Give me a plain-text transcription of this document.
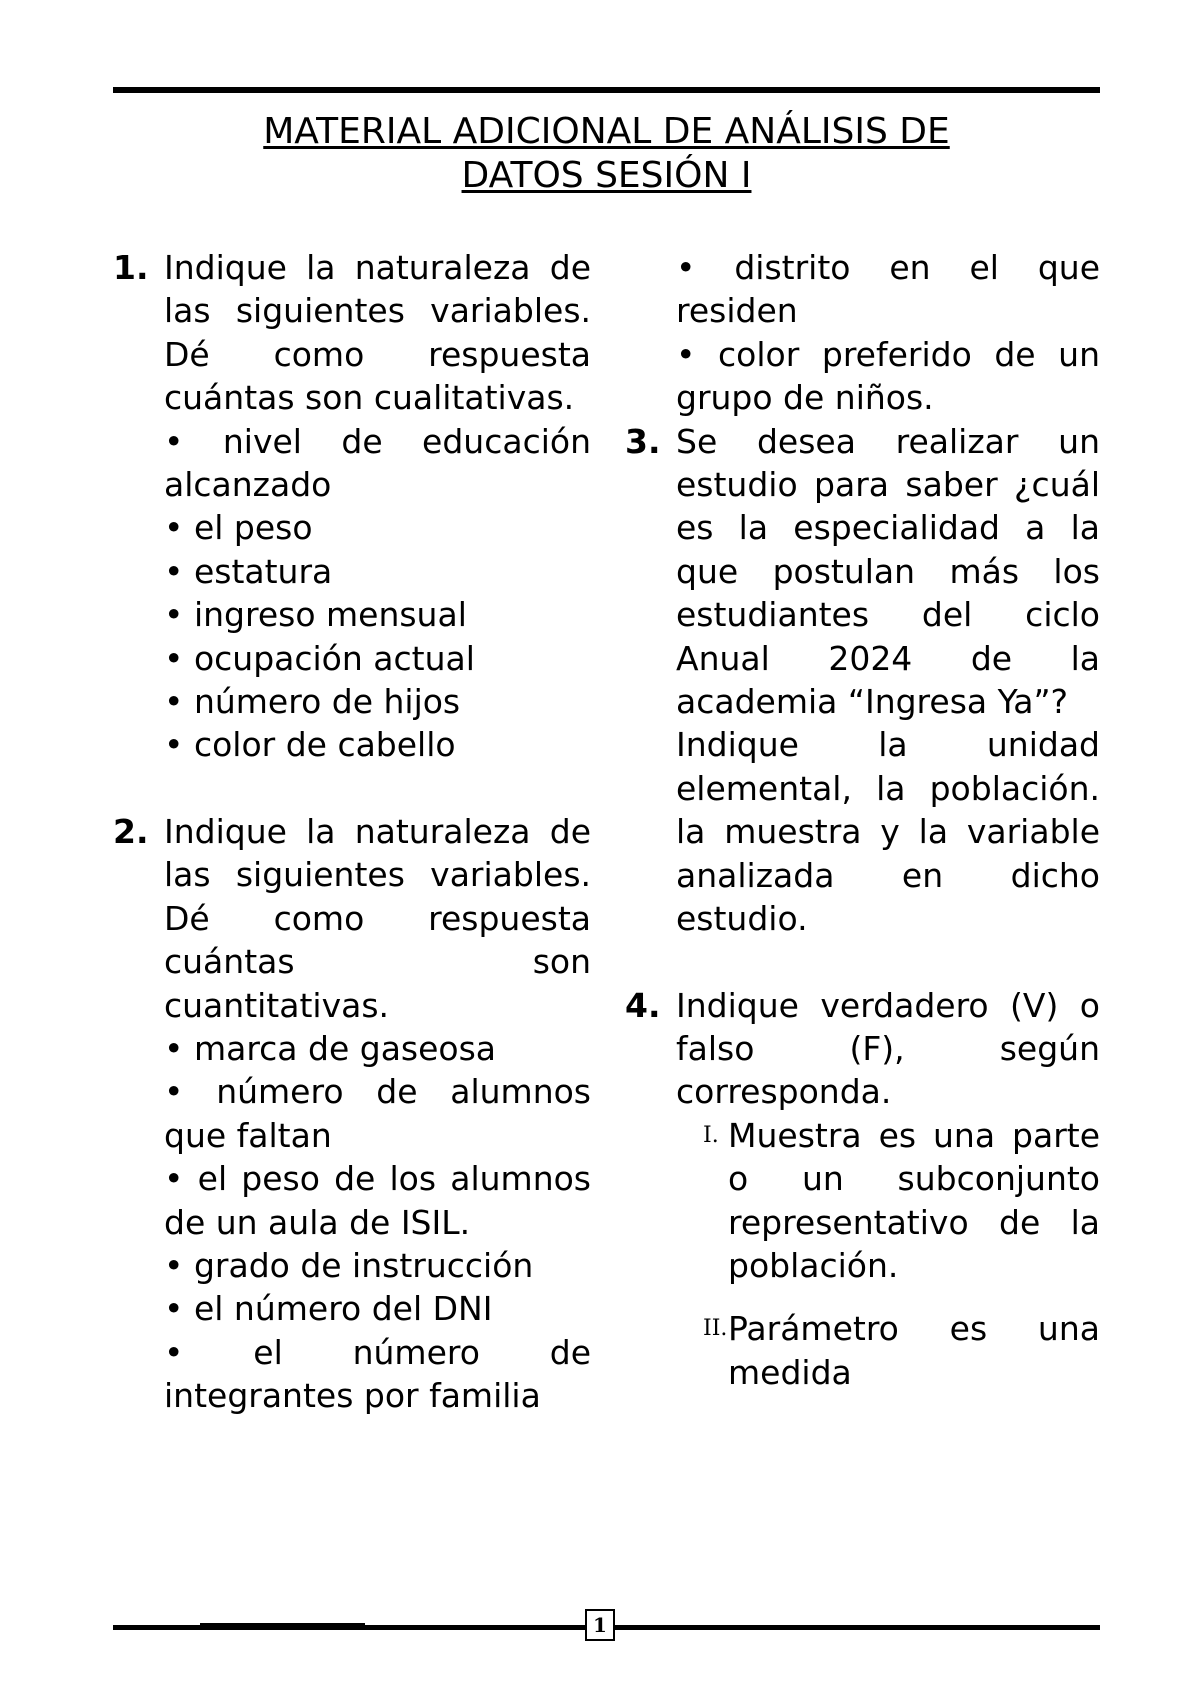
MATERIAL ADICIONAL DE ANÁLISIS DE
DATOS SESIÓN I
1. Indique la naturaleza de las siguientes variables. Dé como respuesta cuántas son cualitativas.
• nivel de educación alcanzado
• el peso
• estatura
• ingreso mensual
• ocupación actual
• número de hijos
• color de cabello
2. Indique la naturaleza de las siguientes variables. Dé como respuesta cuántas son cuantitativas.
• marca de gaseosa
• número de alumnos que faltan
• el peso de los alumnos de un aula de ISIL.
• grado de instrucción
• el número del DNI
• el número de integrantes por familia
• distrito en el que residen
• color preferido de un grupo de niños.
3. Se desea realizar un estudio para saber ¿cuál es la especialidad a la que postulan más los estudiantes del ciclo Anual 2024 de la academia “Ingresa Ya”?
Indique la unidad elemental, la población. la muestra y la variable analizada en dicho estudio.
4. Indique verdadero (V) o falso (F), según corresponda.
I. Muestra es una parte o un subconjunto representativo de la población.
II. Parámetro es una medida
1
